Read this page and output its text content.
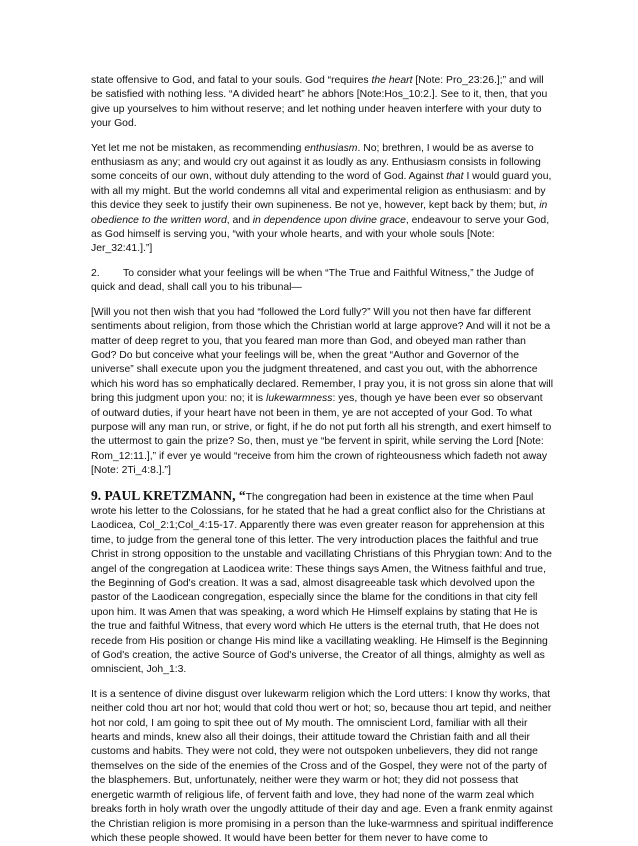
state offensive to God, and fatal to your souls. God “requires the heart [Note: Pro_23:26.];” and will be satisfied with nothing less. “A divided heart” he abhors [Note:Hos_10:2.]. See to it, then, that you give up yourselves to him without reserve; and let nothing under heaven interfere with your duty to your God.

Yet let me not be mistaken, as recommending enthusiasm. No; brethren, I would be as averse to enthusiasm as any; and would cry out against it as loudly as any. Enthusiasm consists in following some conceits of our own, without duly attending to the word of God. Against that I would guard you, with all my might. But the world condemns all vital and experimental religion as enthusiasm: and by this device they seek to justify their own supineness. Be not ye, however, kept back by them; but, in obedience to the written word, and in dependence upon divine grace, endeavour to serve your God, as God himself is serving you, “with your whole hearts, and with your whole souls [Note: Jer_32:41.].”]

2. To consider what your feelings will be when “The True and Faithful Witness,” the Judge of quick and dead, shall call you to his tribunal—

[Will you not then wish that you had “followed the Lord fully?” Will you not then have far different sentiments about religion, from those which the Christian world at large approve? And will it not be a matter of deep regret to you, that you feared man more than God, and obeyed man rather than God? Do but conceive what your feelings will be, when the great “Author and Governor of the universe” shall execute upon you the judgment threatened, and cast you out, with the abhorrence which his word has so emphatically declared. Remember, I pray you, it is not gross sin alone that will bring this judgment upon you: no; it is lukewarmness: yes, though ye have been ever so observant of outward duties, if your heart have not been in them, ye are not accepted of your God. To what purpose will any man run, or strive, or fight, if he do not put forth all his strength, and exert himself to the uttermost to gain the prize? So, then, must ye “be fervent in spirit, while serving the Lord [Note: Rom_12:11.],” if ever ye would “receive from him the crown of righteousness which fadeth not away [Note: 2Ti_4:8.].”]

9. PAUL KRETZMANN, “The congregation had been in existence at the time when Paul wrote his letter to the Colossians, for he stated that he had a great conflict also for the Christians at Laodicea, Col_2:1;Col_4:15-17. Apparently there was even greater reason for apprehension at this time, to judge from the general tone of this letter. The very introduction places the faithful and true Christ in strong opposition to the unstable and vacillating Christians of this Phrygian town: And to the angel of the congregation at Laodicea write: These things says Amen, the Witness faithful and true, the Beginning of God's creation. It was a sad, almost disagreeable task which devolved upon the pastor of the Laodicean congregation, especially since the blame for the conditions in that city fell upon him. It was Amen that was speaking, a word which He Himself explains by stating that He is the true and faithful Witness, that every word which He utters is the eternal truth, that He does not recede from His position or change His mind like a vacillating weakling. He Himself is the Beginning of God's creation, the active Source of God's universe, the Creator of all things, almighty as well as omniscient, Joh_1:3.

It is a sentence of divine disgust over lukewarm religion which the Lord utters: I know thy works, that neither cold thou art nor hot; would that cold thou wert or hot; so, because thou art tepid, and neither hot nor cold, I am going to spit thee out of My mouth. The omniscient Lord, familiar with all their hearts and minds, knew also all their doings, their attitude toward the Christian faith and all their customs and habits. They were not cold, they were not outspoken unbelievers, they did not range themselves on the side of the enemies of the Cross and of the Gospel, they were not of the party of the blasphemers. But, unfortunately, neither were they warm or hot; they did not possess that energetic warmth of religious life, of fervent faith and love, they had none of the warm zeal which breaks forth in holy wrath over the ungodly attitude of their day and age. Even a frank enmity against the Christian religion is more promising in a person than the luke-warmness and spiritual indifference which these people showed. It would have been better for them never to have come to
